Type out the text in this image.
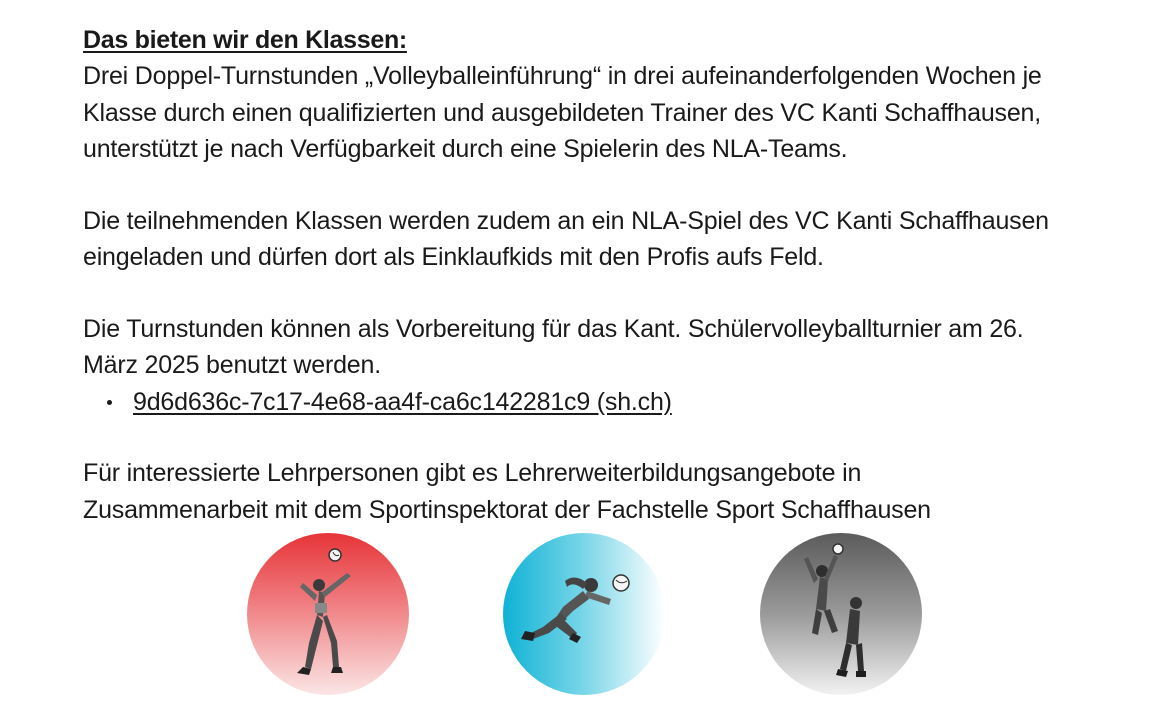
Das bieten wir den Klassen:

Drei Doppel-Turnstunden „Volleyballeinführung“ in drei aufeinanderfolgenden Wochen je
Klasse durch einen qualifizierten und ausgebildeten Trainer des VC Kanti Schaffhausen,
unterstützt je nach Verfügbarkeit durch eine Spielerin des NLA-Teams.

Die teilnehmenden Klassen werden zudem an ein NLA-Spiel des VC Kanti Schaffhausen
eingeladen und dürfen dort als Einklaufkids mit den Profis aufs Feld.

Die Turnstunden können als Vorbereitung für das Kant. Schülervolleyballturnier am 26.
März 2025 benutzt werden.

9d6d636c-7c17-4e68-aa4f-ca6c142281c9 (sh.ch)

Für interessierte Lehrpersonen gibt es Lehrerweiterbildungsangebote in
Zusammenarbeit mit dem Sportinspektorat der Fachstelle Sport Schaffhausen
